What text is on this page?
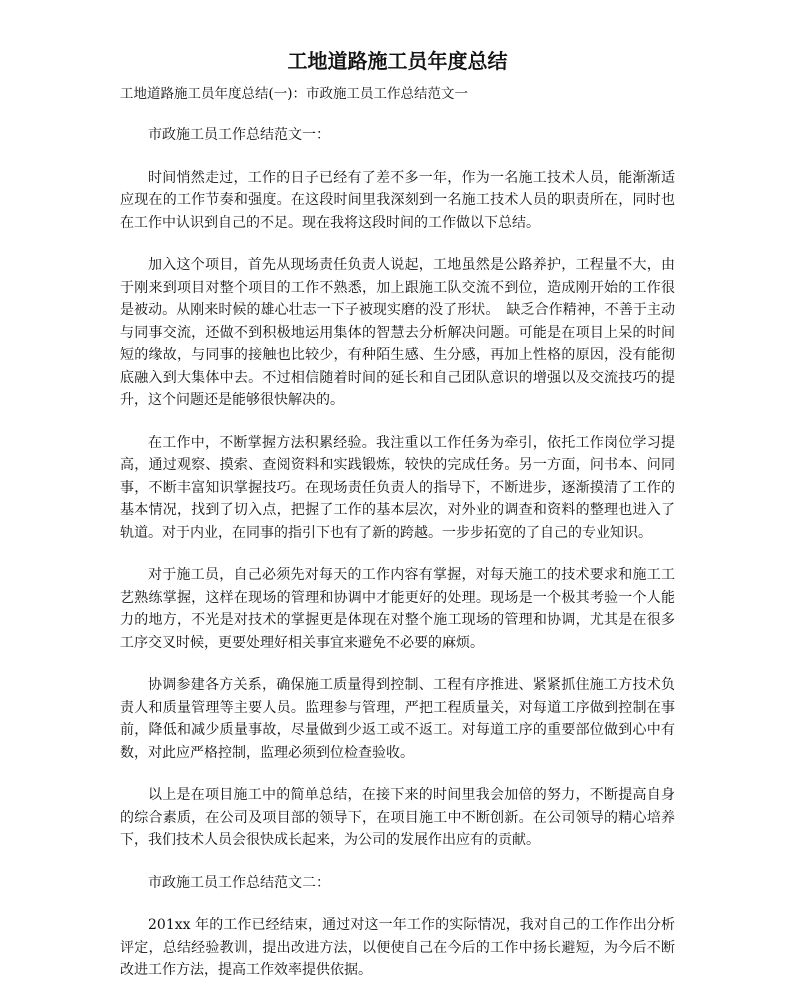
工地道路施工员年度总结

工地道路施工员年度总结(一)：市政施工员工作总结范文一

市政施工员工作总结范文一：

时间悄然走过，工作的日子已经有了差不多一年，作为一名施工技术人员，能渐渐适应现在的工作节奏和强度。在这段时间里我深刻到一名施工技术人员的职责所在，同时也在工作中认识到自己的不足。现在我将这段时间的工作做以下总结。

加入这个项目，首先从现场责任负责人说起，工地虽然是公路养护，工程量不大，由于刚来到项目对整个项目的工作不熟悉，加上跟施工队交流不到位，造成刚开始的工作很是被动。从刚来时候的雄心壮志一下子被现实磨的没了形状。　缺乏合作精神，不善于主动与同事交流，还做不到积极地运用集体的智慧去分析解决问题。可能是在项目上呆的时间短的缘故，与同事的接触也比较少，有种陌生感、生分感，再加上性格的原因，没有能彻底融入到大集体中去。不过相信随着时间的延长和自己团队意识的增强以及交流技巧的提升，这个问题还是能够很快解决的。

在工作中，不断掌握方法积累经验。我注重以工作任务为牵引，依托工作岗位学习提高，通过观察、摸索、查阅资料和实践锻炼，较快的完成任务。另一方面，问书本、问同事，不断丰富知识掌握技巧。在现场责任负责人的指导下，不断进步，逐渐摸清了工作的基本情况，找到了切入点，把握了工作的基本层次，对外业的调查和资料的整理也进入了轨道。对于内业，在同事的指引下也有了新的跨越。一步步拓宽的了自己的专业知识。

对于施工员，自己必须先对每天的工作内容有掌握，对每天施工的技术要求和施工工艺熟练掌握，这样在现场的管理和协调中才能更好的处理。现场是一个极其考验一个人能力的地方，不光是对技术的掌握更是体现在对整个施工现场的管理和协调，尤其是在很多工序交叉时候，更要处理好相关事宜来避免不必要的麻烦。

协调参建各方关系，确保施工质量得到控制、工程有序推进、紧紧抓住施工方技术负责人和质量管理等主要人员。监理参与管理，严把工程质量关，对每道工序做到控制在事前，降低和减少质量事故，尽量做到少返工或不返工。对每道工序的重要部位做到心中有数，对此应严格控制，监理必须到位检查验收。

以上是在项目施工中的简单总结，在接下来的时间里我会加倍的努力，不断提高自身的综合素质，在公司及项目部的领导下，在项目施工中不断创新。在公司领导的精心培养下，我们技术人员会很快成长起来，为公司的发展作出应有的贡献。

市政施工员工作总结范文二：

201xx 年的工作已经结束，通过对这一年工作的实际情况，我对自己的工作作出分析评定，总结经验教训，提出改进方法，以便使自己在今后的工作中扬长避短，为今后不断改进工作方法，提高工作效率提供依据。
